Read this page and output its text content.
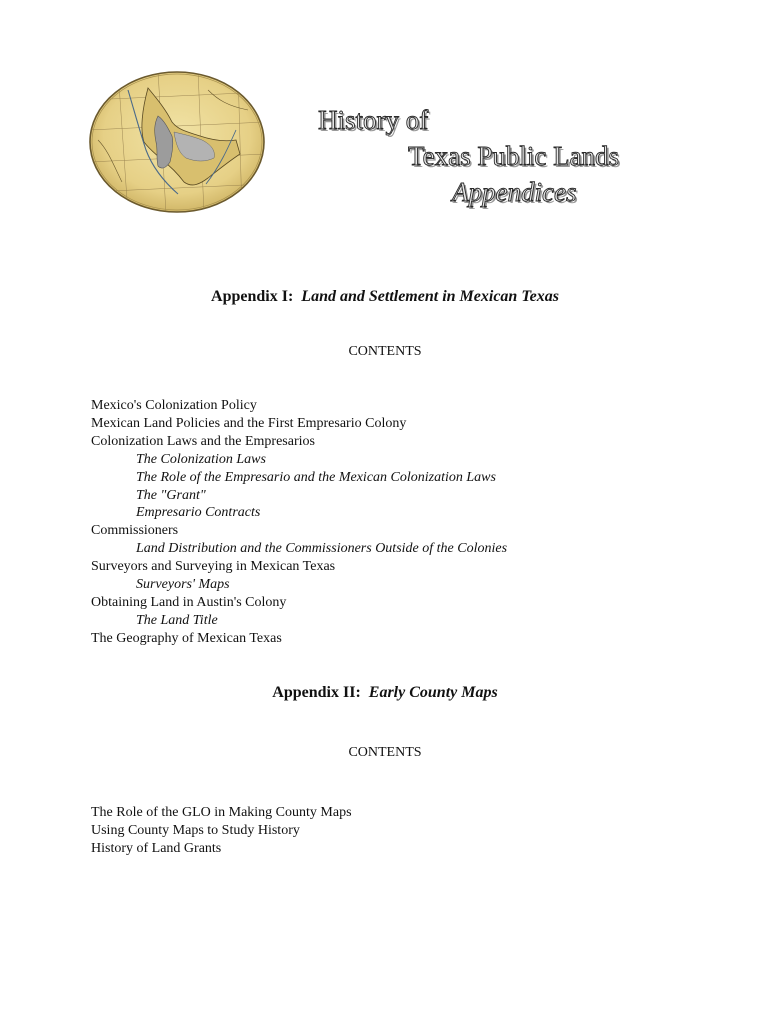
History of
Texas Public Lands
Appendices
Appendix I: Land and Settlement in Mexican Texas
CONTENTS
Mexico's Colonization Policy
Mexican Land Policies and the First Empresario Colony
Colonization Laws and the Empresarios
The Colonization Laws
The Role of the Empresario and the Mexican Colonization Laws
The "Grant"
Empresario Contracts
Commissioners
Land Distribution and the Commissioners Outside of the Colonies
Surveyors and Surveying in Mexican Texas
Surveyors' Maps
Obtaining Land in Austin's Colony
The Land Title
The Geography of Mexican Texas
Appendix II: Early County Maps
CONTENTS
The Role of the GLO in Making County Maps
Using County Maps to Study History
History of Land Grants
